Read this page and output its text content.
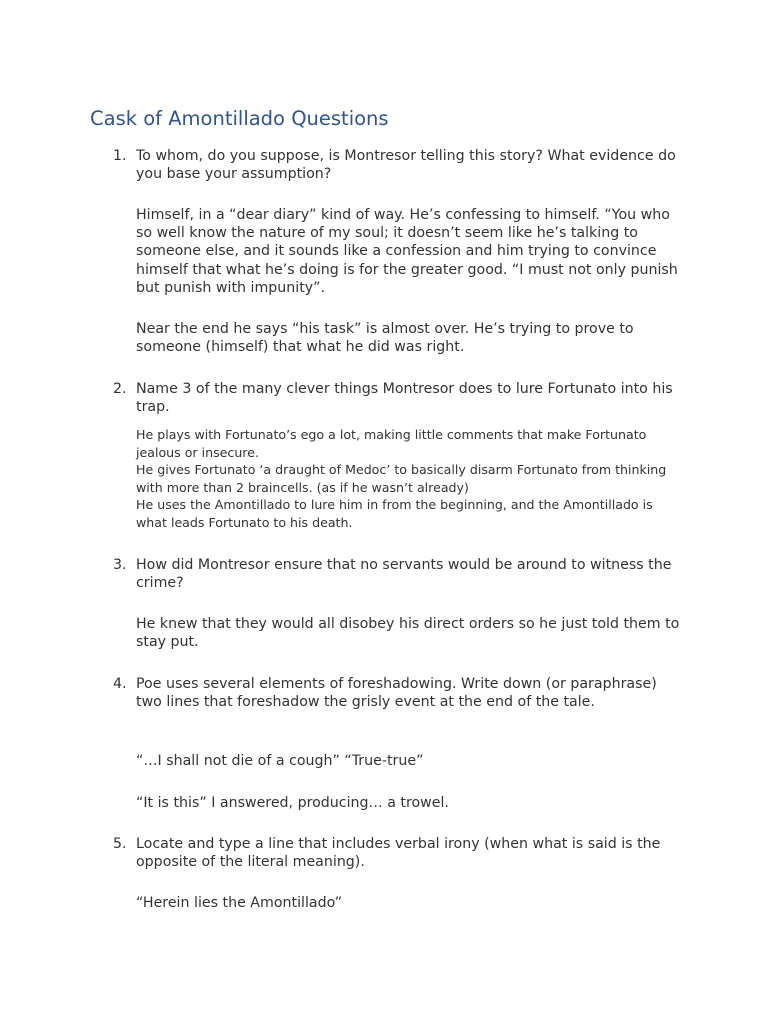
Cask of Amontillado Questions
1. To whom, do you suppose, is Montresor telling this story? What evidence do you base your assumption?

Himself, in a “dear diary” kind of way. He’s confessing to himself. “You who so well know the nature of my soul; it doesn’t seem like he’s talking to someone else, and it sounds like a confession and him trying to convince himself that what he’s doing is for the greater good. “I must not only punish but punish with impunity”.

Near the end he says “his task” is almost over. He’s trying to prove to someone (himself) that what he did was right.

2. Name 3 of the many clever things Montresor does to lure Fortunato into his trap.

He plays with Fortunato’s ego a lot, making little comments that make Fortunato jealous or insecure.

He gives Fortunato ‘a draught of Medoc’ to basically disarm Fortunato from thinking with more than 2 braincells. (as if he wasn’t already)

He uses the Amontillado to lure him in from the beginning, and the Amontillado is what leads Fortunato to his death.

3. How did Montresor ensure that no servants would be around to witness the crime?

He knew that they would all disobey his direct orders so he just told them to stay put.

4. Poe uses several elements of foreshadowing. Write down (or paraphrase) two lines that foreshadow the grisly event at the end of the tale.

“…I shall not die of a cough” “True-true”

“It is this” I answered, producing… a trowel.

5. Locate and type a line that includes verbal irony (when what is said is the opposite of the literal meaning).

“Herein lies the Amontillado”
